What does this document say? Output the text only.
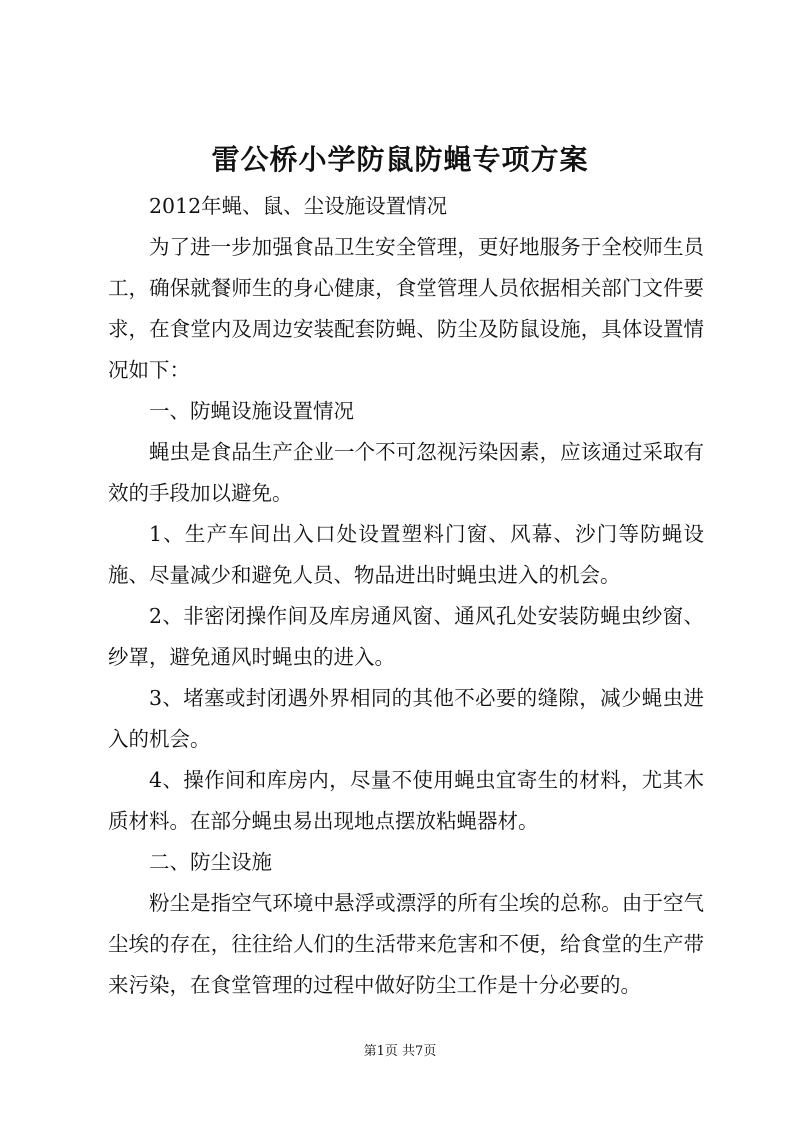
雷公桥小学防鼠防蝇专项方案

2012年蝇、鼠、尘设施设置情况

为了进一步加强食品卫生安全管理，更好地服务于全校师生员工，确保就餐师生的身心健康，食堂管理人员依据相关部门文件要求，在食堂内及周边安装配套防蝇、防尘及防鼠设施，具体设置情况如下：

一、防蝇设施设置情况

蝇虫是食品生产企业一个不可忽视污染因素，应该通过采取有效的手段加以避免。

1、生产车间出入口处设置塑料门窗、风幕、沙门等防蝇设施、尽量减少和避免人员、物品进出时蝇虫进入的机会。

2、非密闭操作间及库房通风窗、通风孔处安装防蝇虫纱窗、纱罩，避免通风时蝇虫的进入。

3、堵塞或封闭遇外界相同的其他不必要的缝隙，减少蝇虫进入的机会。

4、操作间和库房内，尽量不使用蝇虫宜寄生的材料，尤其木质材料。在部分蝇虫易出现地点摆放粘蝇器材。

二、防尘设施

粉尘是指空气环境中悬浮或漂浮的所有尘埃的总称。由于空气尘埃的存在，往往给人们的生活带来危害和不便，给食堂的生产带来污染，在食堂管理的过程中做好防尘工作是十分必要的。

第1页 共7页
